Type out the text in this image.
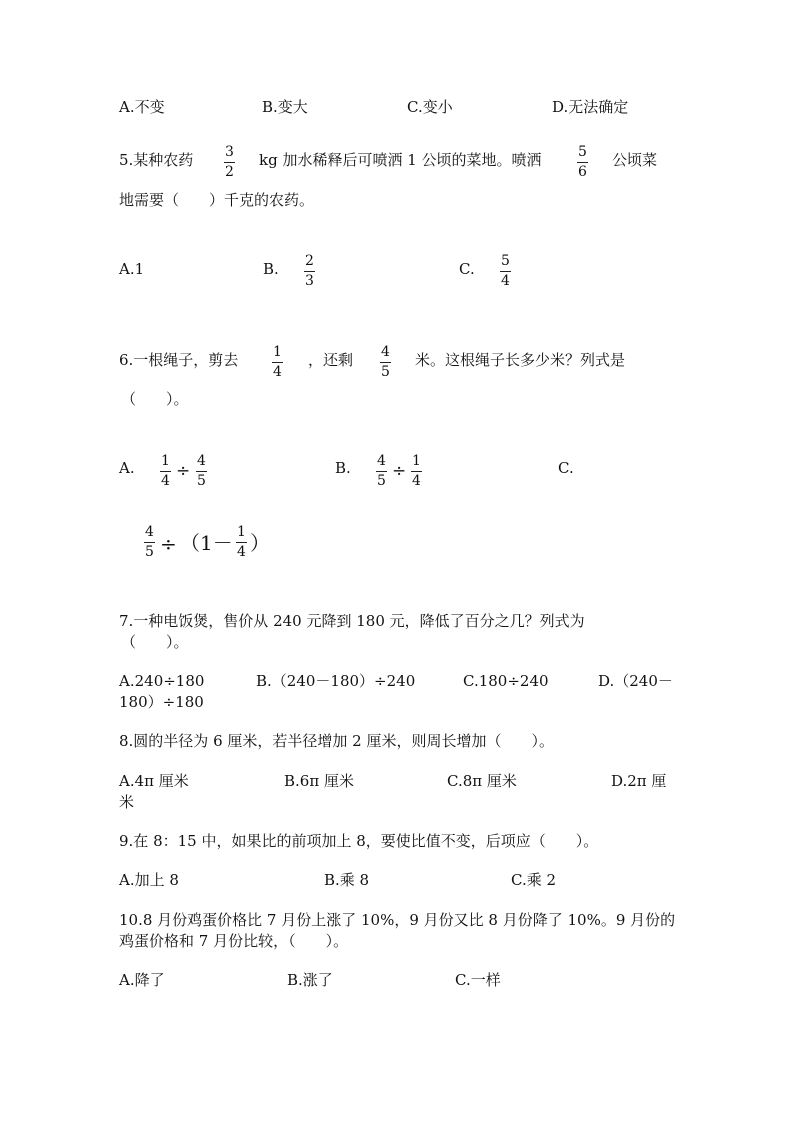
A.不变	B.变大	C.变小	D.无法确定
5.某种农药 3
2
kg 加水稀释后可喷洒 1 公顷的菜地。喷洒	5
6
公顷菜
地需要（　　）千克的农药。
A.1	B. 2
3
C. 5
4
6.一根绳子，剪去 1
4
，还剩 4
5
米。这根绳子长多少米？列式是
（　　）。
A. 1
4 ÷ 4
5
B. 4
5 ÷ 1
4
C.
4
5 ÷ （1－ 1
4 ）
7.一种电饭煲，售价从 240 元降到 180 元，降低了百分之几？列式为
（　　）。
A.240÷180	B.（240－180）÷240	C.180÷240	D.（240－
180）÷180
8.圆的半径为 6 厘米，若半径增加 2 厘米，则周长增加（　　）。
A.4π 厘米	B.6π 厘米	C.8π 厘米	D.2π 厘
米
9.在 8：15 中，如果比的前项加上 8，要使比值不变，后项应（　　）。
A.加上 8	B.乘 8	C.乘 2
10.8 月份鸡蛋价格比 7 月份上涨了 10%，9 月份又比 8 月份降了 10%。9 月份的
鸡蛋价格和 7 月份比较，（　　）。
A.降了	B.涨了	C.一样
